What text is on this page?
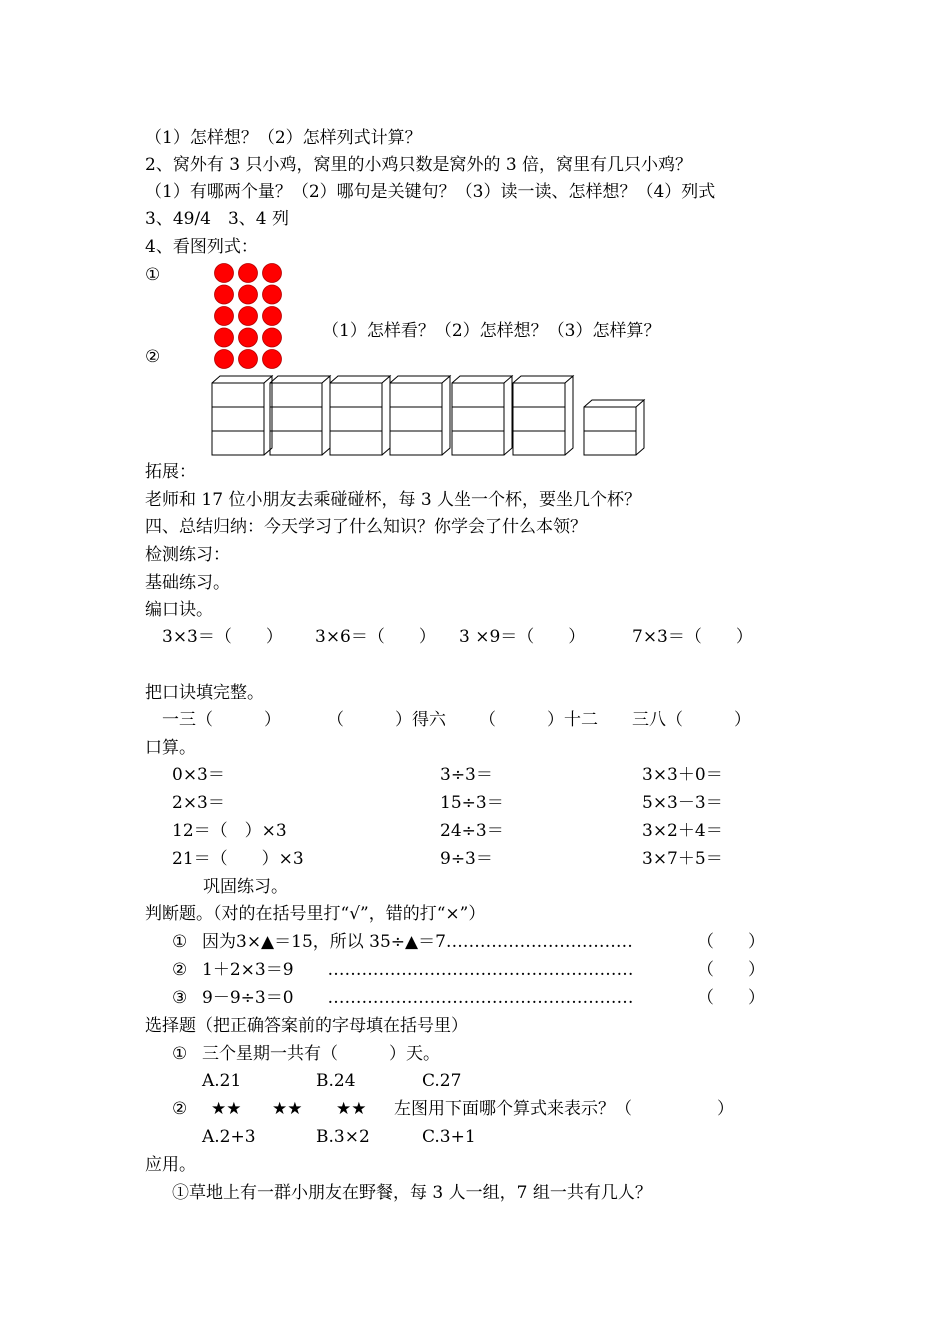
（1）怎样想？（2）怎样列式计算？
2、窝外有 3 只小鸡，窝里的小鸡只数是窝外的 3 倍，窝里有几只小鸡？
（1）有哪两个量？（2）哪句是关键句？（3）读一读、怎样想？（4）列式
3、49/4　3、4 列
4、看图列式：
①
②
（1）怎样看？（2）怎样想？（3）怎样算？
拓展：
老师和 17 位小朋友去乘碰碰杯，每 3 人坐一个杯，要坐几个杯？
四、总结归纳：今天学习了什么知识？你学会了什么本领？
检测练习：
基础练习。
编口诀。
3×3＝（　　） 3×6＝（　　） 3 ×9＝（　　）	7×3＝（　　）
把口诀填完整。
一三（　　　）	（　　　）得六 （　　　）十二 三八（　　　）
口算。
0×3＝	3÷3＝	3×3＋0＝
2×3＝	15÷3＝	5×3－3＝
12＝（　）×3	24÷3＝	3×2＋4＝
21＝（　　）×3	9÷3＝	3×7＋5＝
巩固练习。
判断题。（对的在括号里打“√”，错的打“×”）
① 因为3×▲＝15，所以 35÷▲＝7……………………………	（　　）
② 1＋2×3＝9　　………………………………………………	（　　）
③ 9－9÷3＝0　　………………………………………………	（　　）
选择题（把正确答案前的字母填在括号里）
① 三个星期一共有（　　　）天。
A.21	B.24	C.27
② ★★ ★★ ★★ 左图用下面哪个算式来表示？（　　　　　）
A.2+3	B.3×2	C.3+1
应用。
①草地上有一群小朋友在野餐，每 3 人一组，7 组一共有几人？
